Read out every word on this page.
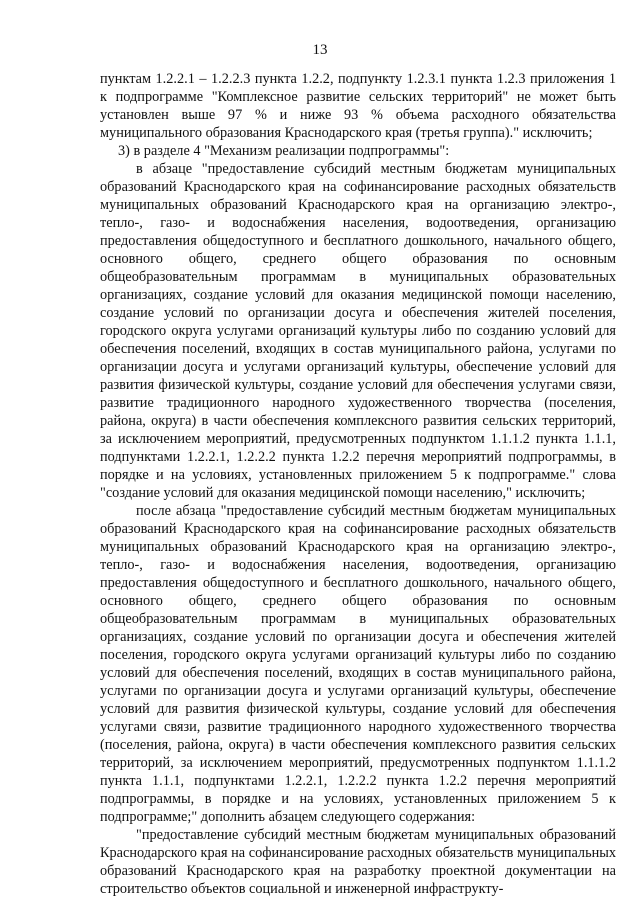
13

пунктам 1.2.2.1 – 1.2.2.3 пункта 1.2.2, подпункту 1.2.3.1 пункта 1.2.3 приложения 1 к подпрограмме "Комплексное развитие сельских территорий" не может быть установлен выше 97 % и ниже 93 % объема расходного обязательства муниципального образования Краснодарского края (третья группа)." исключить;

3) в разделе 4 "Механизм реализации подпрограммы":

в абзаце "предоставление субсидий местным бюджетам муниципальных образований Краснодарского края на софинансирование расходных обязательств муниципальных образований Краснодарского края на организацию электро-, тепло-, газо- и водоснабжения населения, водоотведения, организацию предоставления общедоступного и бесплатного дошкольного, начального общего, основного общего, среднего общего образования по основным общеобразовательным программам в муниципальных образовательных организациях, создание условий для оказания медицинской помощи населению, создание условий по организации досуга и обеспечения жителей поселения, городского округа услугами организаций культуры либо по созданию условий для обеспечения поселений, входящих в состав муниципального района, услугами по организации досуга и услугами организаций культуры, обеспечение условий для развития физической культуры, создание условий для обеспечения услугами связи, развитие традиционного народного художественного творчества (поселения, района, округа) в части обеспечения комплексного развития сельских территорий, за исключением мероприятий, предусмотренных подпунктом 1.1.1.2 пункта 1.1.1, подпунктами 1.2.2.1, 1.2.2.2 пункта 1.2.2 перечня мероприятий подпрограммы, в порядке и на условиях, установленных приложением 5 к подпрограмме." слова "создание условий для оказания медицинской помощи населению," исключить;

после абзаца "предоставление субсидий местным бюджетам муниципальных образований Краснодарского края на софинансирование расходных обязательств муниципальных образований Краснодарского края на организацию электро-, тепло-, газо- и водоснабжения населения, водоотведения, организацию предоставления общедоступного и бесплатного дошкольного, начального общего, основного общего, среднего общего образования по основным общеобразовательным программам в муниципальных образовательных организациях, создание условий по организации досуга и обеспечения жителей поселения, городского округа услугами организаций культуры либо по созданию условий для обеспечения поселений, входящих в состав муниципального района, услугами по организации досуга и услугами организаций культуры, обеспечение условий для развития физической культуры, создание условий для обеспечения услугами связи, развитие традиционного народного художественного творчества (поселения, района, округа) в части обеспечения комплексного развития сельских территорий, за исключением мероприятий, предусмотренных подпунктом 1.1.1.2 пункта 1.1.1, подпунктами 1.2.2.1, 1.2.2.2 пункта 1.2.2 перечня мероприятий подпрограммы, в порядке и на условиях, установленных приложением 5 к подпрограмме;" дополнить абзацем следующего содержания:

"предоставление субсидий местным бюджетам муниципальных образований Краснодарского края на софинансирование расходных обязательств муниципальных образований Краснодарского края на разработку проектной документации на строительство объектов социальной и инженерной инфраструкту-
